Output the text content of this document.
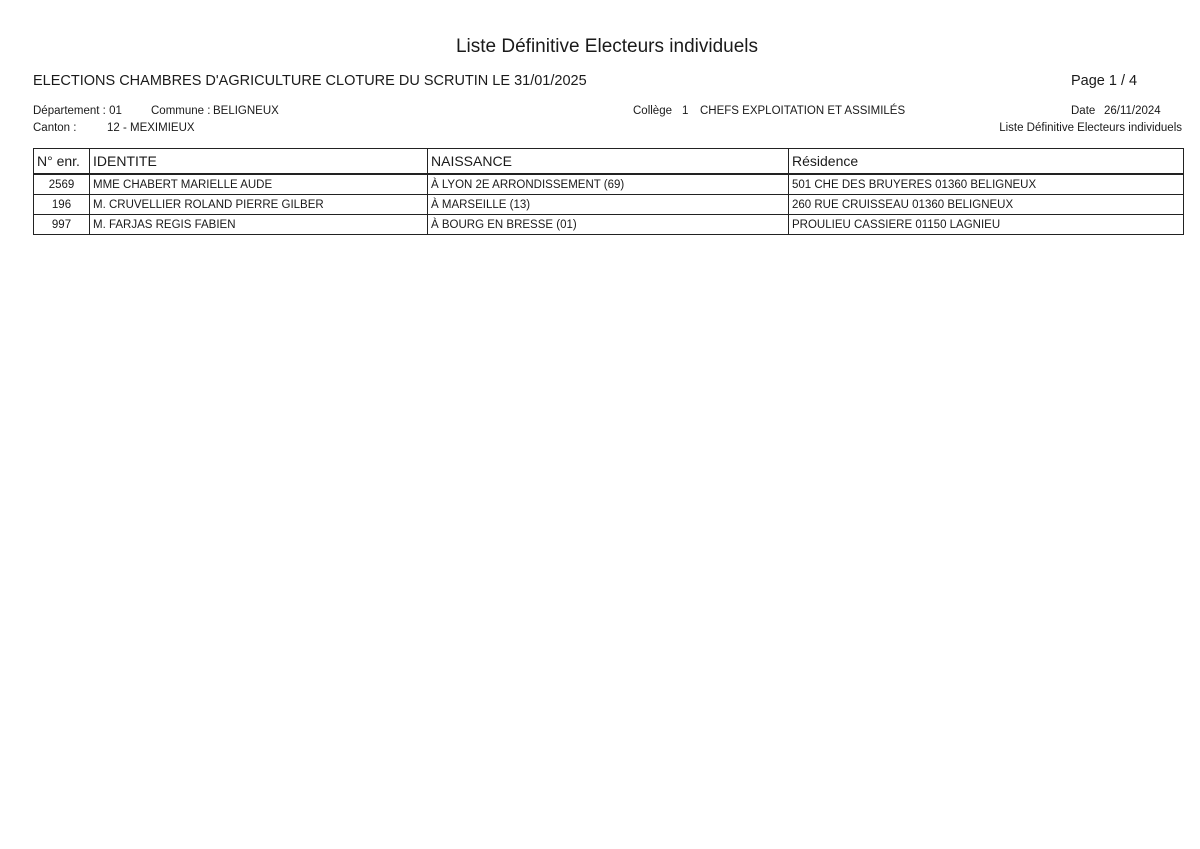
Liste Définitive Electeurs individuels
ELECTIONS CHAMBRES D'AGRICULTURE CLOTURE DU SCRUTIN LE 31/01/2025	Page 1 / 4
Département : 01	Commune : BELIGNEUX
Canton :	12 - MEXIMIEUX
Collège 1 CHEFS EXPLOITATION ET ASSIMILÉS	Date 26/11/2024
Liste Définitive Electeurs individuels
N° enr.	IDENTITE	NAISSANCE	Résidence
2569	MME CHABERT MARIELLE AUDE	À LYON 2E ARRONDISSEMENT (69)	501 CHE DES BRUYERES 01360 BELIGNEUX
196	M. CRUVELLIER ROLAND PIERRE GILBER	À MARSEILLE (13)	260 RUE CRUISSEAU 01360 BELIGNEUX
997	M. FARJAS REGIS FABIEN	À BOURG EN BRESSE (01)	PROULIEU CASSIERE 01150 LAGNIEU
